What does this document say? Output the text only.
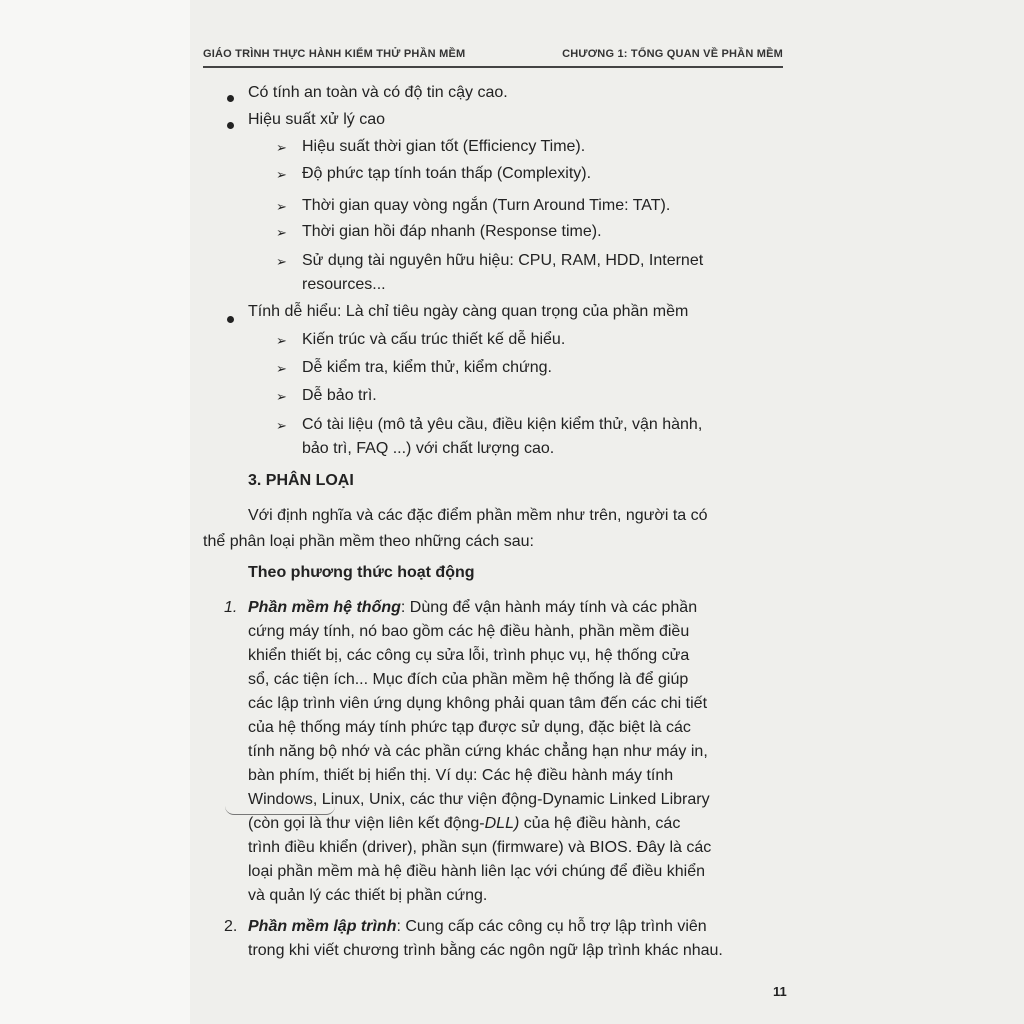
GIÁO TRÌNH THỰC HÀNH KIỂM THỬ PHẦN MỀM	CHƯƠNG 1: TỔNG QUAN VỀ PHẦN MỀM
Có tính an toàn và có độ tin cậy cao.
Hiệu suất xử lý cao
➢ Hiệu suất thời gian tốt (Efficiency Time).
➢ Độ phức tạp tính toán thấp (Complexity).
➢ Thời gian quay vòng ngắn (Turn Around Time: TAT).
➢ Thời gian hồi đáp nhanh (Response time).
➢ Sử dụng tài nguyên hữu hiệu: CPU, RAM, HDD, Internet
resources...
Tính dễ hiểu: Là chỉ tiêu ngày càng quan trọng của phần mềm
➢ Kiến trúc và cấu trúc thiết kế dễ hiểu.
➢ Dễ kiểm tra, kiểm thử, kiểm chứng.
➢ Dễ bảo trì.
➢ Có tài liệu (mô tả yêu cầu, điều kiện kiểm thử, vận hành,
bảo trì, FAQ ...) với chất lượng cao.
3. PHÂN LOẠI
Với định nghĩa và các đặc điểm phần mềm như trên, người ta có
thể phân loại phần mềm theo những cách sau:
Theo phương thức hoạt động
1. Phần mềm hệ thống: Dùng để vận hành máy tính và các phần
cứng máy tính, nó bao gồm các hệ điều hành, phần mềm điều
khiển thiết bị, các công cụ sửa lỗi, trình phục vụ, hệ thống cửa
sổ, các tiện ích... Mục đích của phần mềm hệ thống là để giúp
các lập trình viên ứng dụng không phải quan tâm đến các chi tiết
của hệ thống máy tính phức tạp được sử dụng, đặc biệt là các
tính năng bộ nhớ và các phần cứng khác chẳng hạn như máy in,
bàn phím, thiết bị hiển thị. Ví dụ: Các hệ điều hành máy tính
Windows, Linux, Unix, các thư viện động-Dynamic Linked Library
(còn gọi là thư viện liên kết động-DLL) của hệ điều hành, các
trình điều khiển (driver), phần sụn (firmware) và BIOS. Đây là các
loại phần mềm mà hệ điều hành liên lạc với chúng để điều khiển
và quản lý các thiết bị phần cứng.
2. Phần mềm lập trình: Cung cấp các công cụ hỗ trợ lập trình viên
trong khi viết chương trình bằng các ngôn ngữ lập trình khác nhau.
11
